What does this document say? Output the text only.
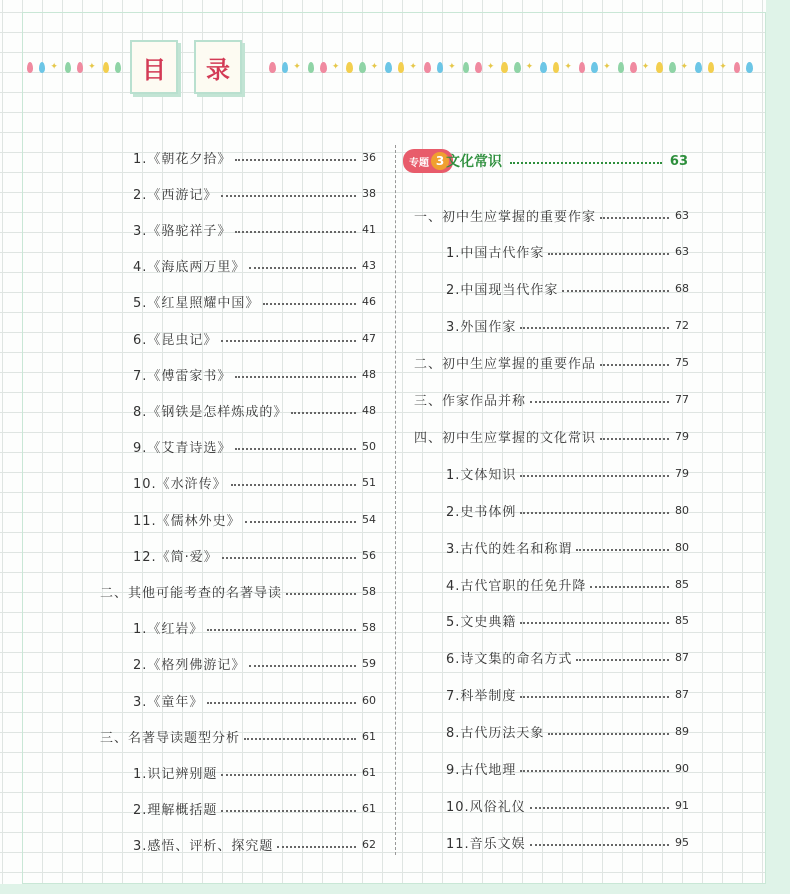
✦	✦	✦	✦	✦	✦	✦	✦	✦	✦	✦	✦	✦	✦
目	录
1.《朝花夕拾》	36
2.《西游记》	38
3.《骆驼祥子》	41
4.《海底两万里》	43
5.《红星照耀中国》	46
6.《昆虫记》	47
7.《傅雷家书》	48
8.《钢铁是怎样炼成的》	48
9.《艾青诗选》	50
10.《水浒传》	51
11.《儒林外史》	54
12.《简·爱》	56
二、其他可能考查的名著导读	58
1.《红岩》	58
2.《格列佛游记》	59
3.《童年》	60
三、名著导读题型分析	61
1.识记辨别题	61
2.理解概括题	61
3.感悟、评析、探究题	62
专题 3 文化常识	63
一、初中生应掌握的重要作家	63
1.中国古代作家	63
2.中国现当代作家	68
3.外国作家	72
二、初中生应掌握的重要作品	75
三、作家作品并称	77
四、初中生应掌握的文化常识	79
1.文体知识	79
2.史书体例	80
3.古代的姓名和称谓	80
4.古代官职的任免升降	85
5.文史典籍	85
6.诗文集的命名方式	87
7.科举制度	87
8.古代历法天象	89
9.古代地理	90
10.风俗礼仪	91
11.音乐文娱	95
